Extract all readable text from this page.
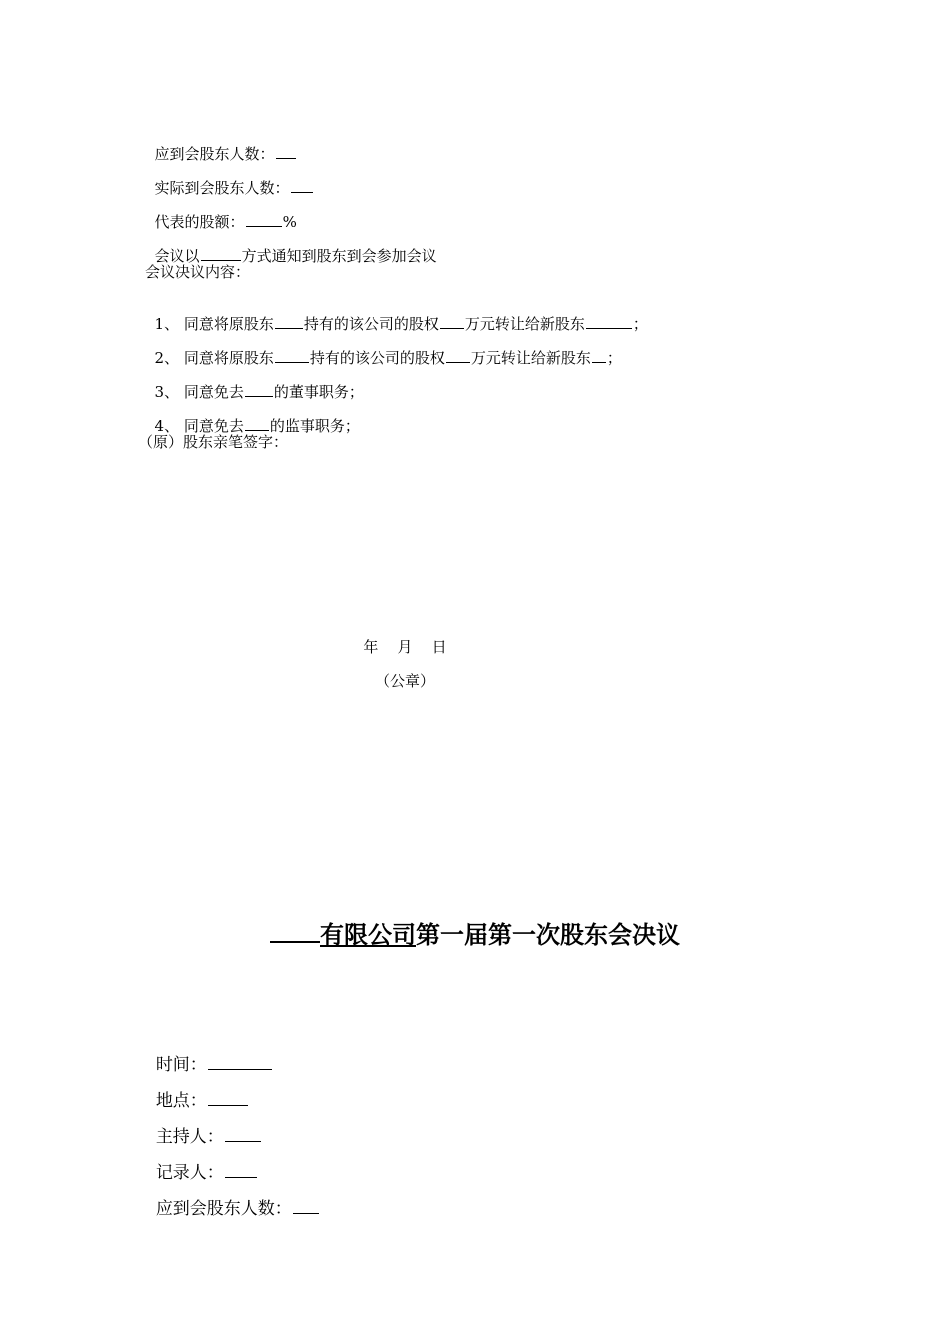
应到会股东人数：

实际到会股东人数：

代表的股额：	%

会议以	方式通知到股东到会参加会议

会议决议内容：

1、 同意将原股东 持有的该公司的股权 万元转让给新股东	；

2、 同意将原股东 持有的该公司的股权 万元转让给新股东 ；

3、 同意免去 的董事职务；

4、 同意免去 的监事职务；

（原）股东亲笔签字：
年    月    日
（公章）
有限公司第一届第一次股东会决议

时间：

地点：

主持人：

记录人：

应到会股东人数：
